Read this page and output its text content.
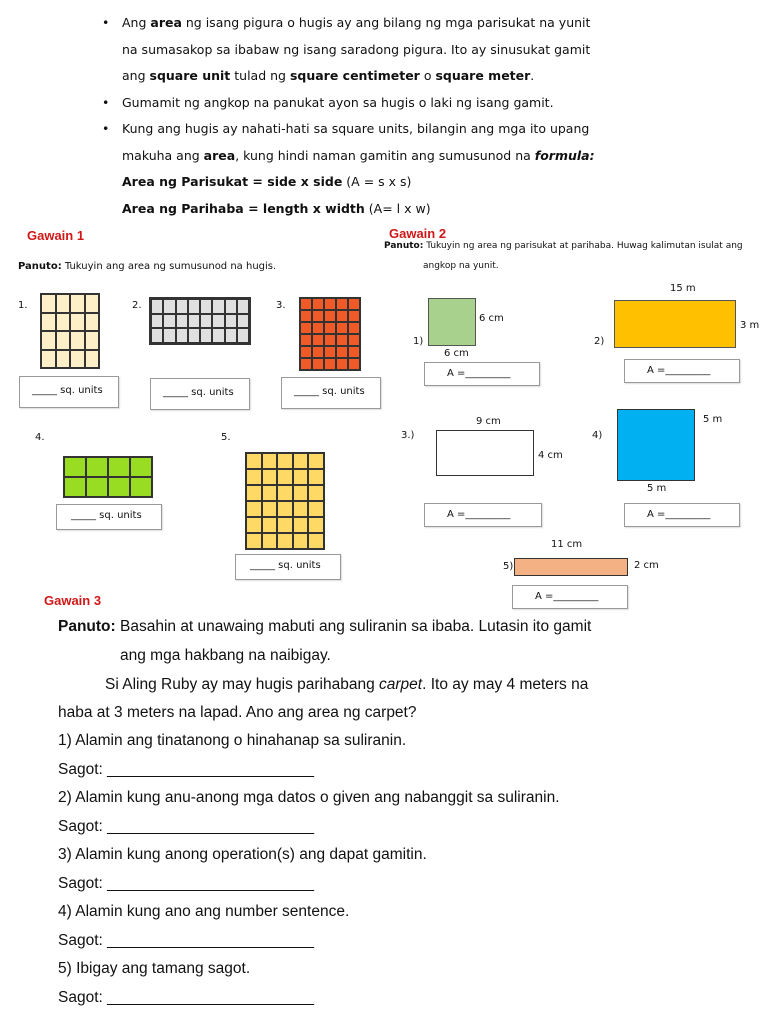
• Ang area ng isang pigura o hugis ay ang bilang ng mga parisukat na yunit
na sumasakop sa ibabaw ng isang saradong pigura. Ito ay sinusukat gamit
ang square unit tulad ng square centimeter o square meter.
• Gumamit ng angkop na panukat ayon sa hugis o laki ng isang gamit.
• Kung ang hugis ay nahati-hati sa square units, bilangin ang mga ito upang
makuha ang area, kung hindi naman gamitin ang sumusunod na formula:
Area ng Parisukat = side x side (A = s x s)
Area ng Parihaba = length x width (A= l x w)
Gawain 1
Panuto: Tukuyin ang area ng sumusunod na hugis.
1.	2.	3.
_____ sq. units	_____ sq. units	_____ sq. units
4.
_____ sq. units
5.
_____ sq. units
Gawain 2
Panuto: Tukuyin ng area ng parisukat at parihaba. Huwag kalimutan isulat ang
angkop na yunit.
1)
6 cm
6 cm
A =_________
15 m
2)
3 m
A =_________
9 cm
3.)
4 cm
A =_________
4)
5 m
5 m
A =_________
11 cm
5)	2 cm
A =_________
Gawain 3
Panuto: Basahin at unawaing mabuti ang suliranin sa ibaba. Lutasin ito gamit
ang mga hakbang na naibigay.
Si Aling Ruby ay may hugis parihabang carpet. Ito ay may 4 meters na
haba at 3 meters na lapad. Ano ang area ng carpet?
1) Alamin ang tinatanong o hinahanap sa suliranin.
Sagot: ________________________
2) Alamin kung anu-anong mga datos o given ang nabanggit sa suliranin.
Sagot: ________________________
3) Alamin kung anong operation(s) ang dapat gamitin.
Sagot: ________________________
4) Alamin kung ano ang number sentence.
Sagot: ________________________
5) Ibigay ang tamang sagot.
Sagot: ________________________
